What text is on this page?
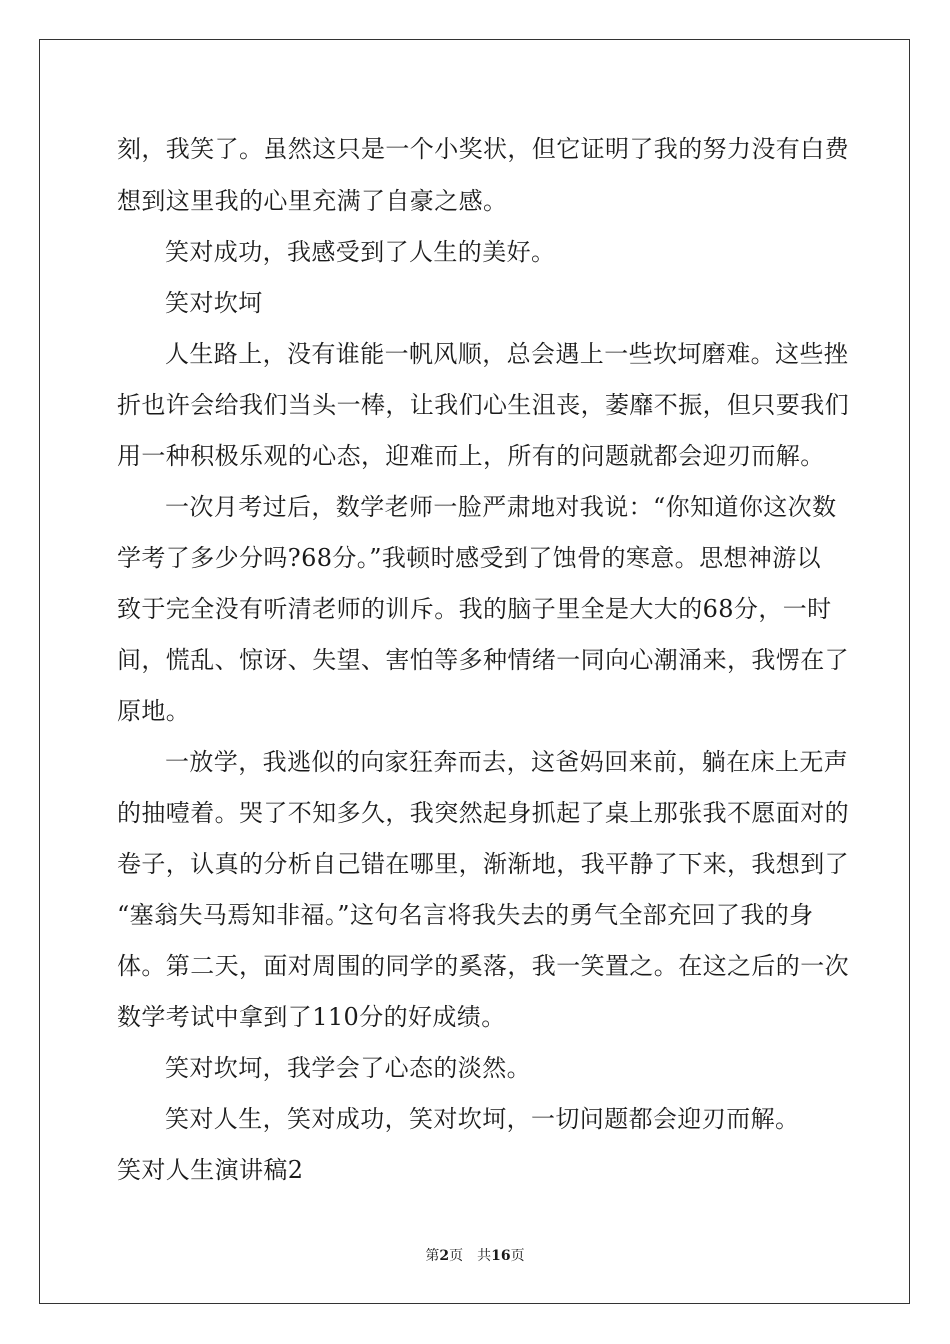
刻，我笑了。虽然这只是一个小奖状，但它证明了我的努力没有白费
想到这里我的心里充满了自豪之感。
笑对成功，我感受到了人生的美好。
笑对坎坷
人生路上，没有谁能一帆风顺，总会遇上一些坎坷磨难。这些挫
折也许会给我们当头一棒，让我们心生沮丧，萎靡不振，但只要我们
用一种积极乐观的心态，迎难而上，所有的问题就都会迎刃而解。
一次月考过后，数学老师一脸严肃地对我说：“你知道你这次数
学考了多少分吗?68分。”我顿时感受到了蚀骨的寒意。思想神游以
致于完全没有听清老师的训斥。我的脑子里全是大大的68分，一时
间，慌乱、惊讶、失望、害怕等多种情绪一同向心潮涌来，我愣在了
原地。
一放学，我逃似的向家狂奔而去，这爸妈回来前，躺在床上无声
的抽噎着。哭了不知多久，我突然起身抓起了桌上那张我不愿面对的
卷子，认真的分析自己错在哪里，渐渐地，我平静了下来，我想到了
“塞翁失马焉知非福。”这句名言将我失去的勇气全部充回了我的身
体。第二天，面对周围的同学的奚落，我一笑置之。在这之后的一次
数学考试中拿到了110分的好成绩。
笑对坎坷，我学会了心态的淡然。
笑对人生，笑对成功，笑对坎坷，一切问题都会迎刃而解。
笑对人生演讲稿2
第2页 共16页
